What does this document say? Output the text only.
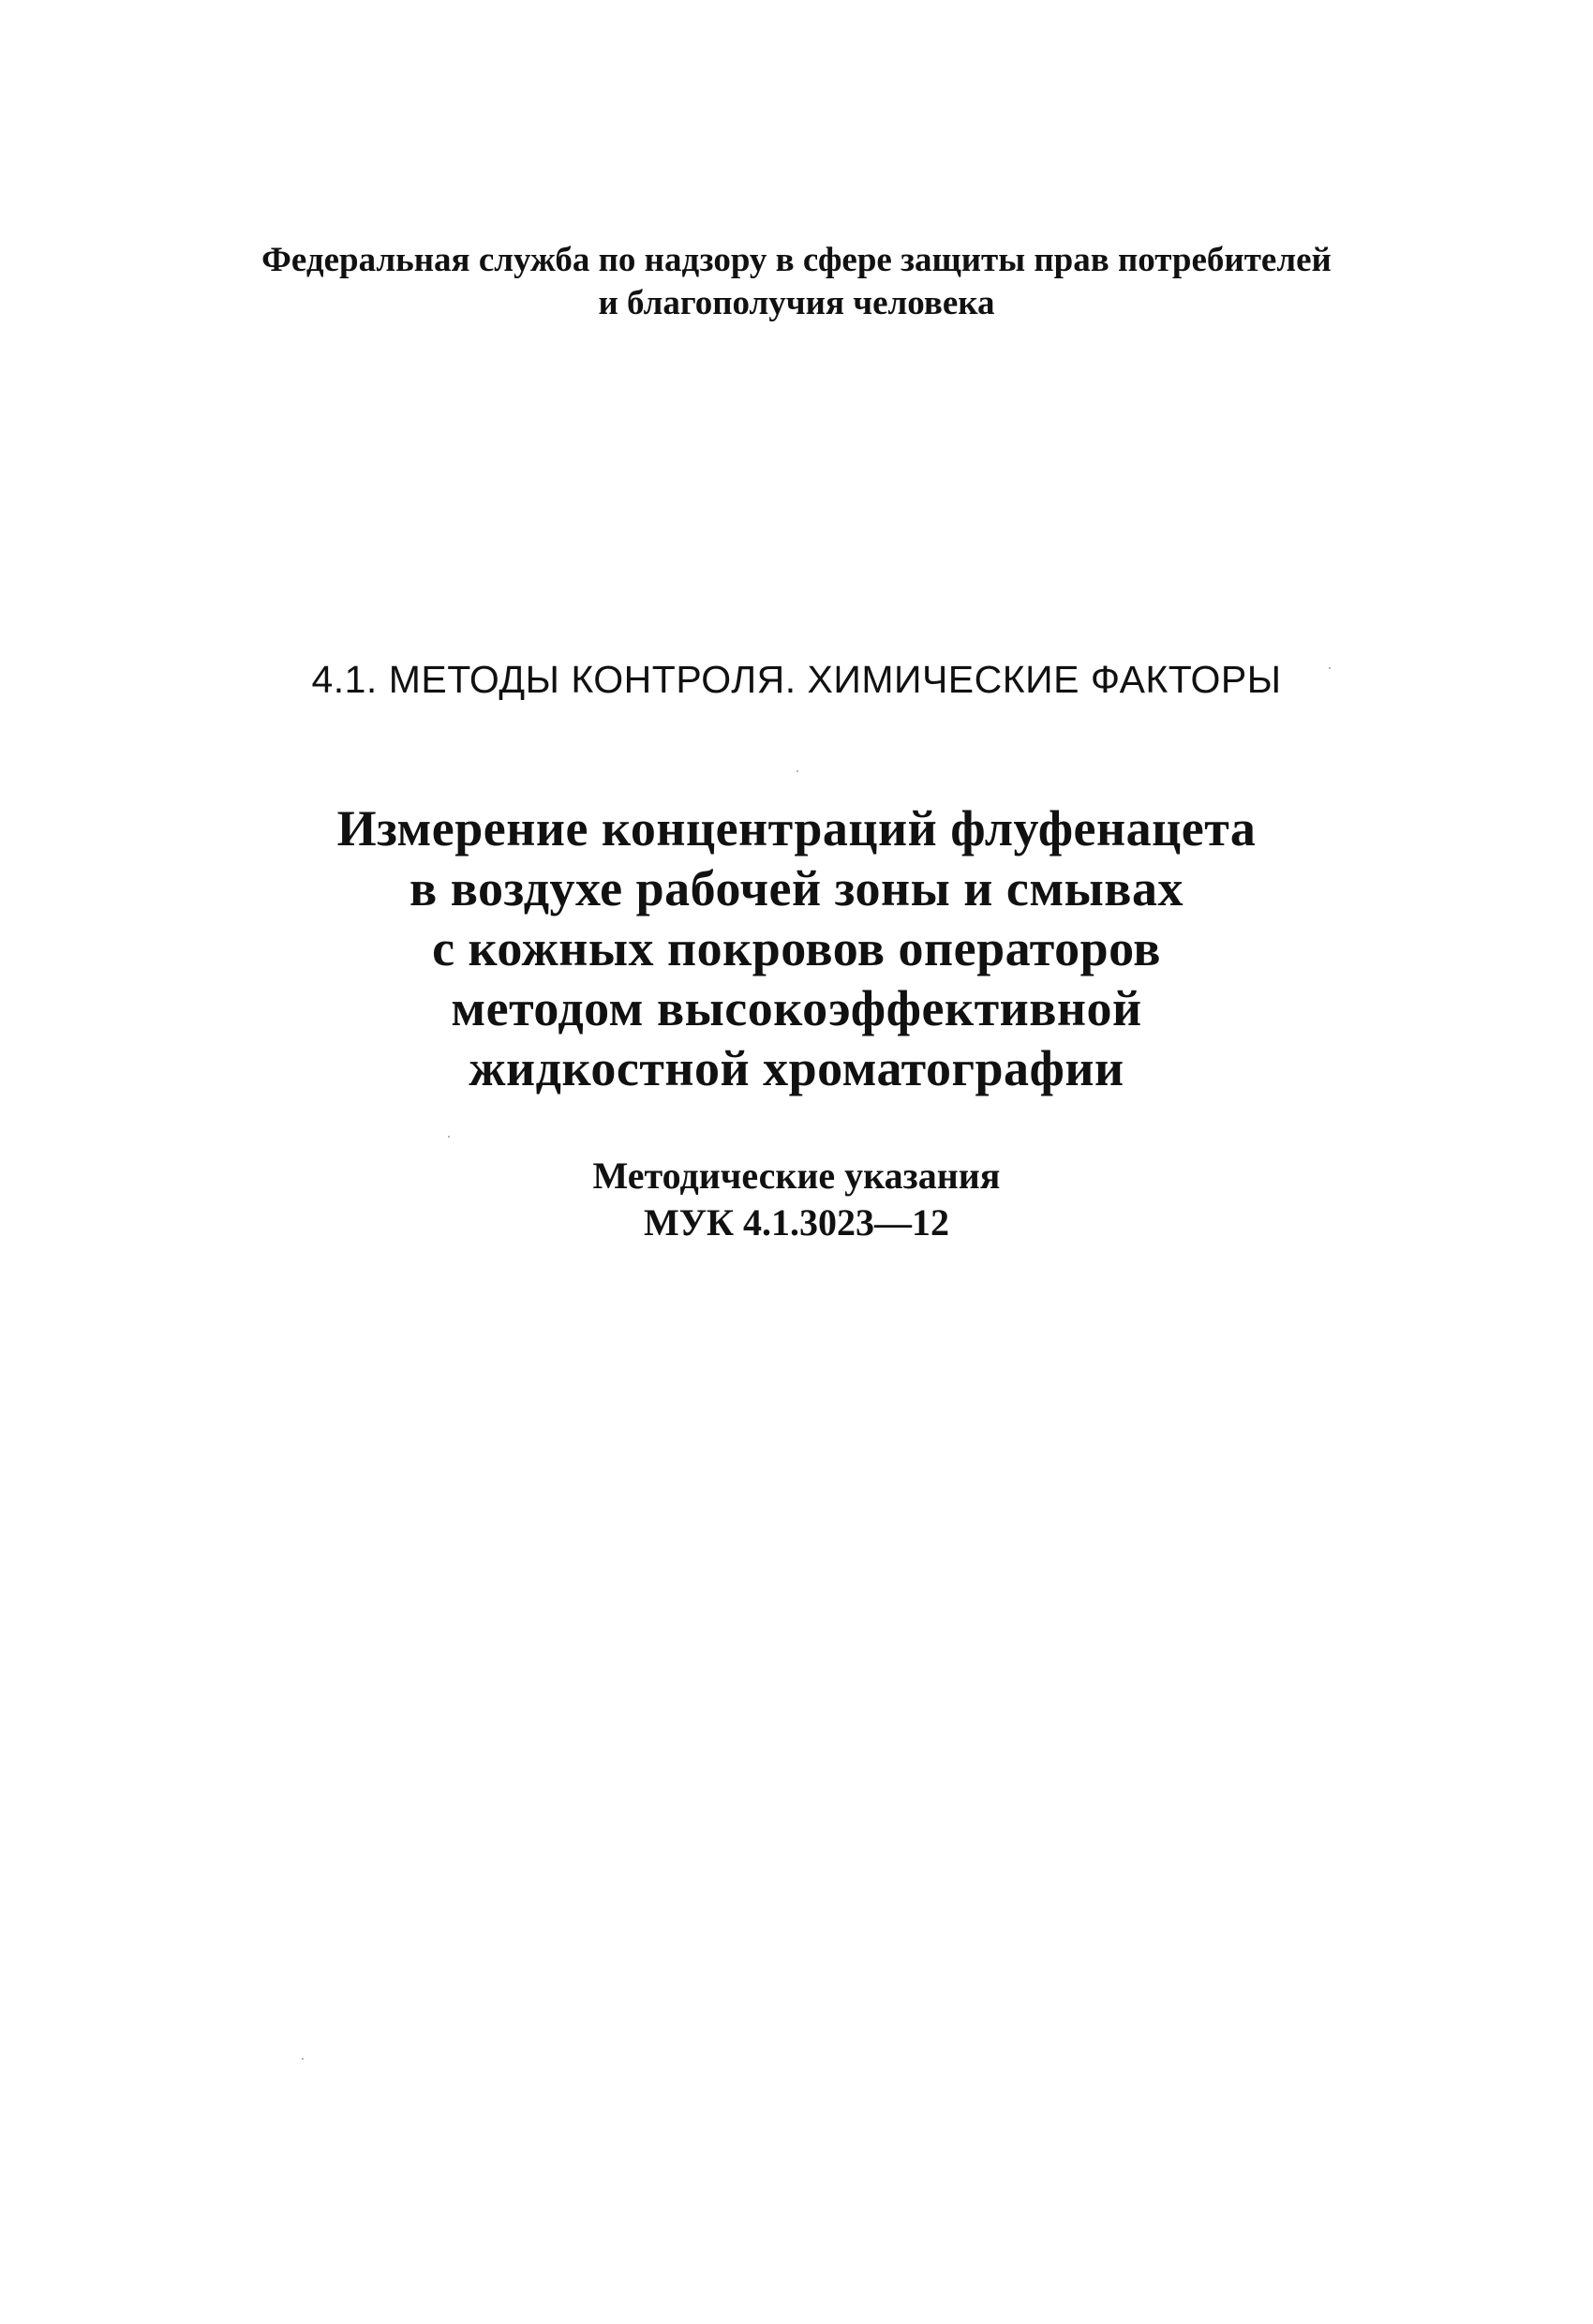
Федеральная служба по надзору в сфере защиты прав потребителей
и благополучия человека
4.1. МЕТОДЫ КОНТРОЛЯ. ХИМИЧЕСКИЕ ФАКТОРЫ
Измерение концентраций флуфенацета
в воздухе рабочей зоны и смывах
с кожных покровов операторов
методом высокоэффективной
жидкостной хроматографии
Методические указания
МУК 4.1.3023—12
